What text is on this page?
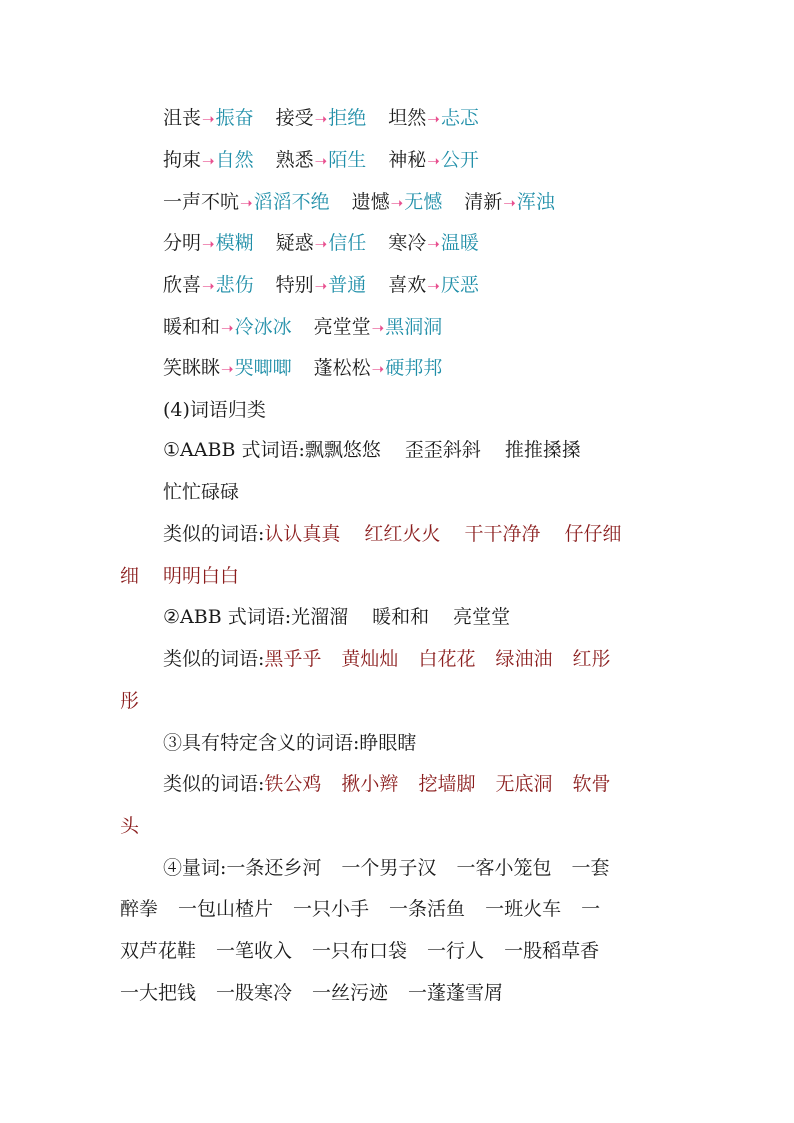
沮丧➝振奋 接受➝拒绝 坦然➝忐忑
拘束➝自然 熟悉➝陌生 神秘➝公开
一声不吭➝滔滔不绝 遗憾➝无憾 清新➝浑浊
分明➝模糊 疑惑➝信任 寒冷➝温暖
欣喜➝悲伤 特别➝普通 喜欢➝厌恶
暖和和➝冷冰冰 亮堂堂➝黑洞洞
笑眯眯➝哭唧唧 蓬松松➝硬邦邦
(4)词语归类
①AABB 式词语:飘飘悠悠 歪歪斜斜 推推搡搡
忙忙碌碌
类似的词语:认认真真 红红火火 干干净净 仔仔细
细 明明白白
②ABB 式词语:光溜溜 暖和和 亮堂堂
类似的词语:黑乎乎 黄灿灿 白花花 绿油油 红彤
彤
③具有特定含义的词语:睁眼瞎
类似的词语:铁公鸡 揪小辫 挖墙脚 无底洞 软骨
头
④量词:一条还乡河 一个男子汉 一客小笼包 一套
醉拳 一包山楂片 一只小手 一条活鱼 一班火车 一
双芦花鞋 一笔收入 一只布口袋 一行人 一股稻草香
一大把钱 一股寒冷 一丝污迹 一蓬蓬雪屑
